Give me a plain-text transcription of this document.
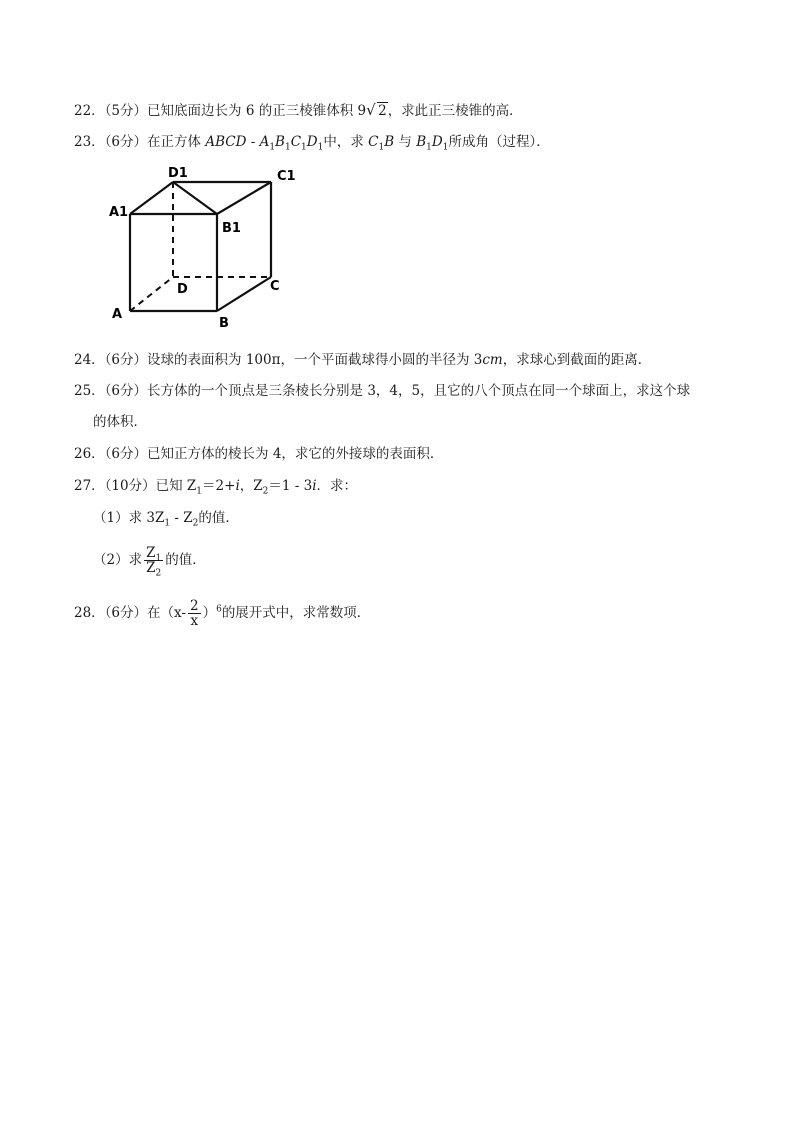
22．（5分）已知底面边长为 6 的正三棱锥体积 9√ 2，求此正三棱锥的高．
23．（6分）在正方体 ABCD - $A_1B_1C_1D_1$中，求 $C_1B$ 与 $B_1D_1$所成角（过程）．
D1	C1
A1
B1
D	C
A
B
24．（6分）设球的表面积为 100π，一个平面截球得小圆的半径为 3cm，求球心到截面的距离．
25．（6分）长方体的一个顶点是三条棱长分别是 3，4，5，且它的八个顶点在同一个球面上，求这个球
的体积．
26．（6分）已知正方体的棱长为 4，求它的外接球的表面积．
27．（10分）已知 $Z_1=2+i$，$Z_2=1 - 3i$．求：
（1）求 $3Z_1 - Z_2$的值．
（2）求 $\frac{Z_1}{Z_2}$ 的值．
28．（6分）在$(x- \frac{2}{x} )^6$的展开式中，求常数项．
